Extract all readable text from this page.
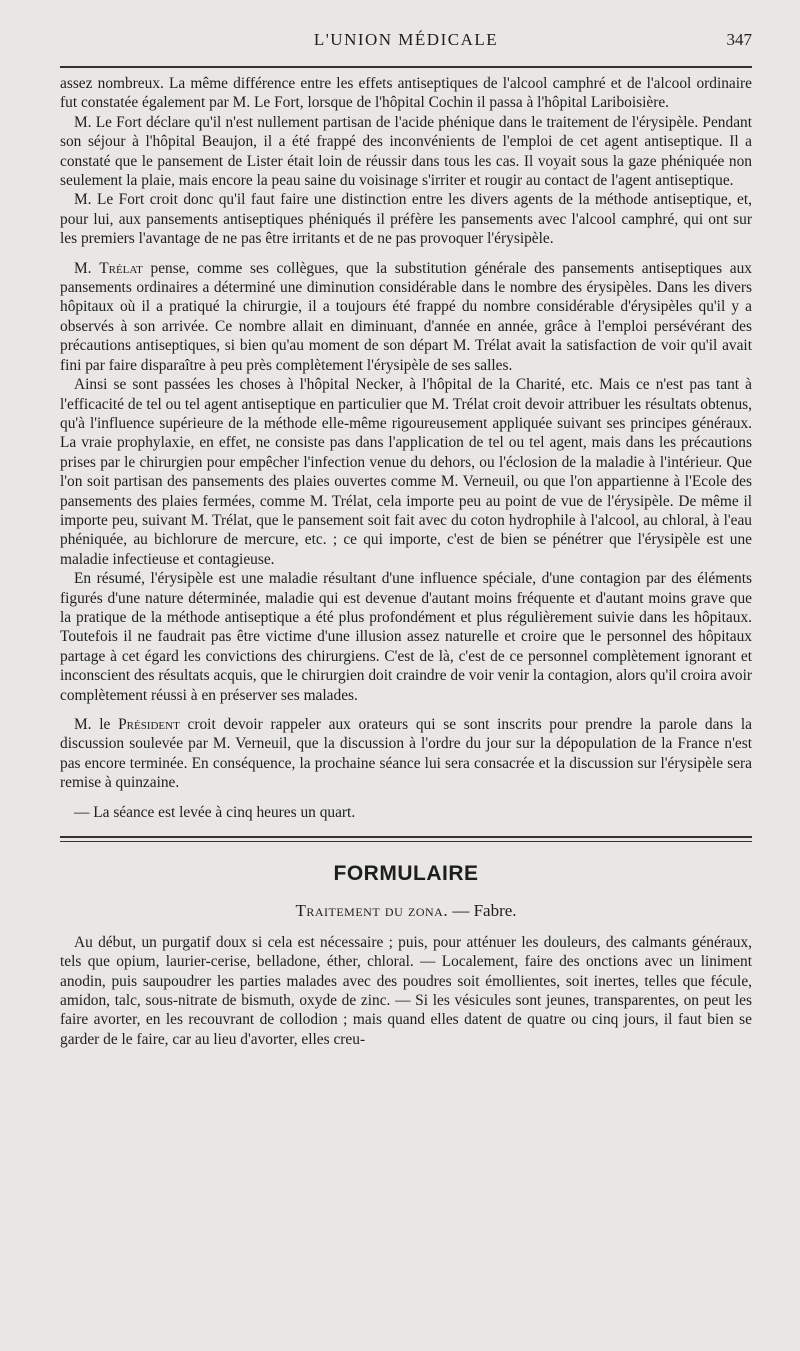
L'UNION MÉDICALE	347

assez nombreux. La même différence entre les effets antiseptiques de l'alcool camphré et de l'alcool ordinaire fut constatée également par M. Le Fort, lorsque de l'hôpital Cochin il passa à l'hôpital Lariboisière.

M. Le Fort déclare qu'il n'est nullement partisan de l'acide phénique dans le traitement de l'érysipèle. Pendant son séjour à l'hôpital Beaujon, il a été frappé des inconvénients de l'emploi de cet agent antiseptique. Il a constaté que le pansement de Lister était loin de réussir dans tous les cas. Il voyait sous la gaze phéniquée non seulement la plaie, mais encore la peau saine du voisinage s'irriter et rougir au contact de l'agent antiseptique.

M. Le Fort croit donc qu'il faut faire une distinction entre les divers agents de la méthode antiseptique, et, pour lui, aux pansements antiseptiques phéniqués il préfère les pansements avec l'alcool camphré, qui ont sur les premiers l'avantage de ne pas être irritants et de ne pas provoquer l'érysipèle.

M. Trélat pense, comme ses collègues, que la substitution générale des pansements antiseptiques aux pansements ordinaires a déterminé une diminution considérable dans le nombre des érysipèles. Dans les divers hôpitaux où il a pratiqué la chirurgie, il a toujours été frappé du nombre considérable d'érysipèles qu'il y a observés à son arrivée. Ce nombre allait en diminuant, d'année en année, grâce à l'emploi persévérant des précautions antiseptiques, si bien qu'au moment de son départ M. Trélat avait la satisfaction de voir qu'il avait fini par faire disparaître à peu près complètement l'érysipèle de ses salles.

Ainsi se sont passées les choses à l'hôpital Necker, à l'hôpital de la Charité, etc. Mais ce n'est pas tant à l'efficacité de tel ou tel agent antiseptique en particulier que M. Trélat croit devoir attribuer les résultats obtenus, qu'à l'influence supérieure de la méthode elle-même rigoureusement appliquée suivant ses principes généraux. La vraie prophylaxie, en effet, ne consiste pas dans l'application de tel ou tel agent, mais dans les précautions prises par le chirurgien pour empêcher l'infection venue du dehors, ou l'éclosion de la maladie à l'intérieur. Que l'on soit partisan des pansements des plaies ouvertes comme M. Verneuil, ou que l'on appartienne à l'Ecole des pansements des plaies fermées, comme M. Trélat, cela importe peu au point de vue de l'érysipèle. De même il importe peu, suivant M. Trélat, que le pansement soit fait avec du coton hydrophile à l'alcool, au chloral, à l'eau phéniquée, au bichlorure de mercure, etc. ; ce qui importe, c'est de bien se pénétrer que l'érysipèle est une maladie infectieuse et contagieuse.

En résumé, l'érysipèle est une maladie résultant d'une influence spéciale, d'une contagion par des éléments figurés d'une nature déterminée, maladie qui est devenue d'autant moins fréquente et d'autant moins grave que la pratique de la méthode antiseptique a été plus profondément et plus régulièrement suivie dans les hôpitaux. Toutefois il ne faudrait pas être victime d'une illusion assez naturelle et croire que le personnel des hôpitaux partage à cet égard les convictions des chirurgiens. C'est de là, c'est de ce personnel complètement ignorant et inconscient des résultats acquis, que le chirurgien doit craindre de voir venir la contagion, alors qu'il croira avoir complètement réussi à en préserver ses malades.

M. le Président croit devoir rappeler aux orateurs qui se sont inscrits pour prendre la parole dans la discussion soulevée par M. Verneuil, que la discussion à l'ordre du jour sur la dépopulation de la France n'est pas encore terminée. En conséquence, la prochaine séance lui sera consacrée et la discussion sur l'érysipèle sera remise à quinzaine.

— La séance est levée à cinq heures un quart.

FORMULAIRE
Traitement du zona. — Fabre.

Au début, un purgatif doux si cela est nécessaire ; puis, pour atténuer les douleurs, des calmants généraux, tels que opium, laurier-cerise, belladone, éther, chloral. — Localement, faire des onctions avec un liniment anodin, puis saupoudrer les parties malades avec des poudres soit émollientes, soit inertes, telles que fécule, amidon, talc, sous-nitrate de bismuth, oxyde de zinc. — Si les vésicules sont jeunes, transparentes, on peut les faire avorter, en les recouvrant de collodion ; mais quand elles datent de quatre ou cinq jours, il faut bien se garder de le faire, car au lieu d'avorter, elles creu-
